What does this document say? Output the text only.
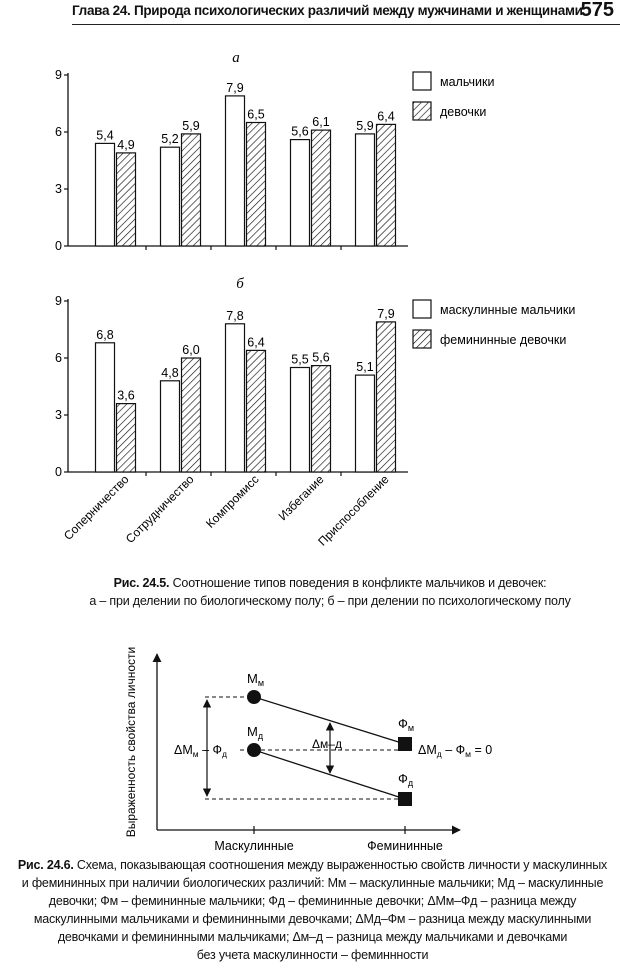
Глава 24. Природа психологических различий между мужчинами и женщинами
575
а
мальчики
девочки
0
3
6
9
5,4
4,9 5,2
5,9
7,9
6,5
5,6
6,1 5,9
6,4
б
маскулинные мальчики
фемининные девочки
0
3
6
9
6,8
3,6
Соперничество
4,8
6,0
Сотрудничество
7,8
6,4
Компромисс
5,5 5,6
Избегание
5,1
7,9
Приспособление
Маскулинные	Фемининные
Выраженность свойства личности	$М_м$
$М_д$
$Ф_м$
$Ф_д$
$\Delta М_м - Ф_д$
Δм–д	$\Delta М_д - Ф_м = 0$
Рис. 24.5. Соотношение типов поведения в конфликте мальчиков и девочек:
а – при делении по биологическому полу; б – при делении по психологическому полу
Рис. 24.6. Схема, показывающая соотношения между выраженностью свойств личности у маскулинных
и фемининных при наличии биологических различий: Мм – маскулинные мальчики; Мд – маскулинные
девочки; Фм – фемининные мальчики; Фд – фемининные девочки; ΔМм–Фд – разница между
маскулинными мальчиками и фемининными девочками; ΔМд–Фм – разница между маскулинными
девочками и фемининными мальчиками; Δм–д – разница между мальчиками и девочками
без учета маскулинности – феминнности
